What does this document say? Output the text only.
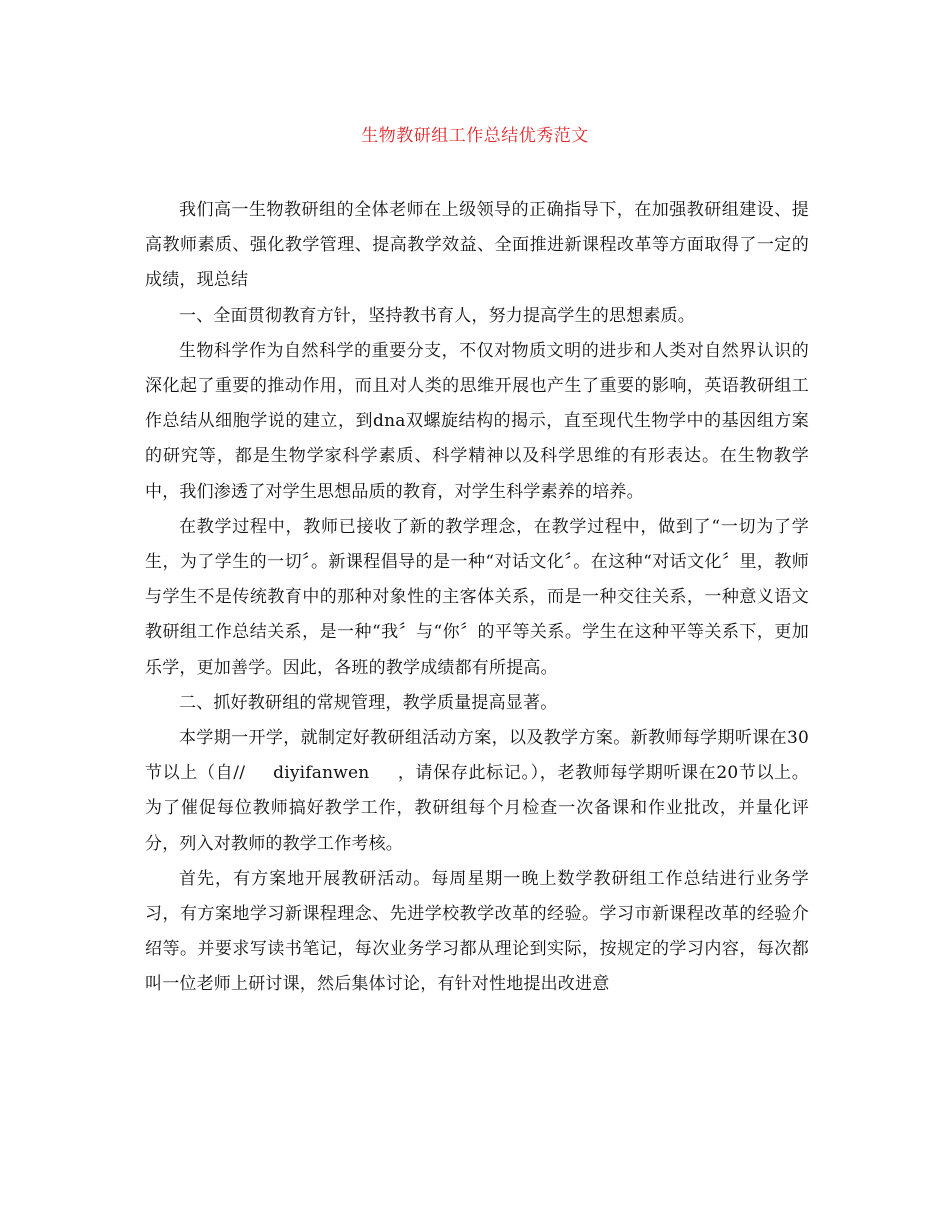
生物教研组工作总结优秀范文

我们高一生物教研组的全体老师在上级领导的正确指导下，在加强教研组建设、提高教师素质、强化教学管理、提高教学效益、全面推进新课程改革等方面取得了一定的成绩，现总结

一、全面贯彻教育方针，坚持教书育人，努力提高学生的思想素质。

生物科学作为自然科学的重要分支，不仅对物质文明的进步和人类对自然界认识的深化起了重要的推动作用，而且对人类的思维开展也产生了重要的影响，英语教研组工作总结从细胞学说的建立，到dna双螺旋结构的揭示，直至现代生物学中的基因组方案的研究等，都是生物学家科学素质、科学精神以及科学思维的有形表达。在生物教学中，我们渗透了对学生思想品质的教育，对学生科学素养的培养。

在教学过程中，教师已接收了新的教学理念，在教学过程中，做到了“一切为了学生，为了学生的一切〞。新课程倡导的是一种“对话文化〞。在这种“对话文化〞里，教师与学生不是传统教育中的那种对象性的主客体关系，而是一种交往关系，一种意义语文教研组工作总结关系，是一种“我〞与“你〞的平等关系。学生在这种平等关系下，更加乐学，更加善学。因此，各班的教学成绩都有所提高。

二、抓好教研组的常规管理，教学质量提高显著。

本学期一开学，就制定好教研组活动方案，以及教学方案。新教师每学期听课在30节以上（自// diyifanwen ，请保存此标记。），老教师每学期听课在20节以上。为了催促每位教师搞好教学工作，教研组每个月检查一次备课和作业批改，并量化评分，列入对教师的教学工作考核。

首先，有方案地开展教研活动。每周星期一晚上数学教研组工作总结进行业务学习，有方案地学习新课程理念、先进学校教学改革的经验。学习市新课程改革的经验介绍等。并要求写读书笔记，每次业务学习都从理论到实际，按规定的学习内容，每次都叫一位老师上研讨课，然后集体讨论，有针对性地提出改进意
